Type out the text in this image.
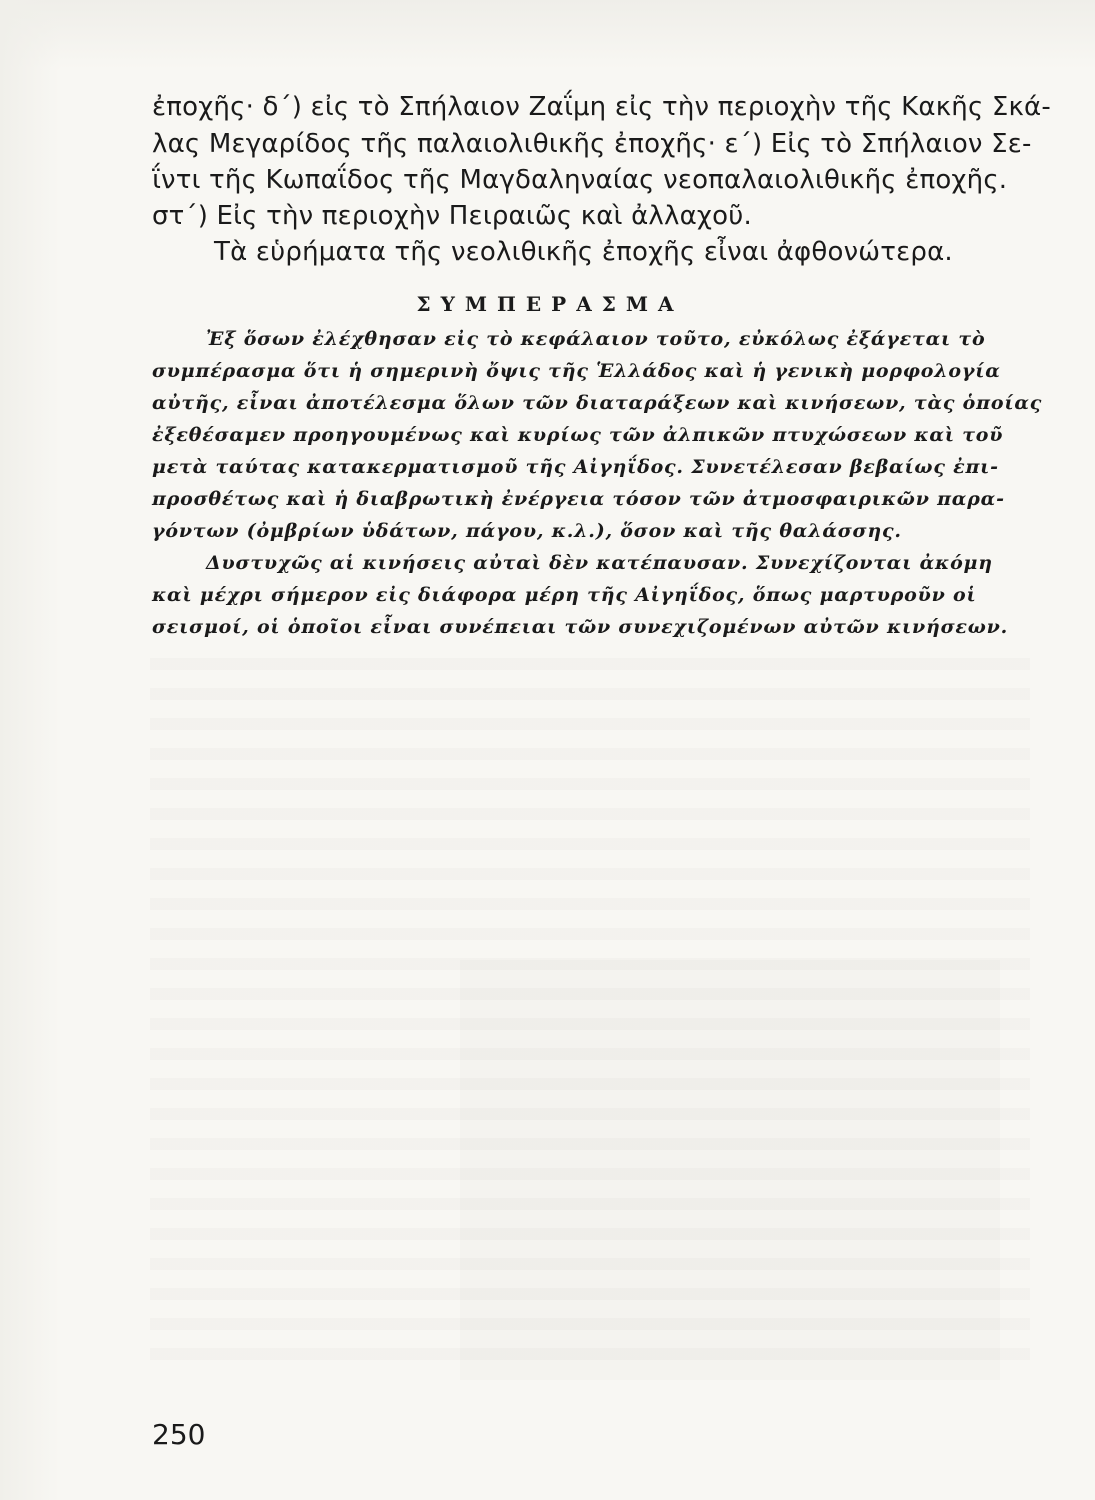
ἐποχῆς· δ΄) εἰς τὸ Σπήλαιον Ζαΐμη εἰς τὴν περιοχὴν τῆς Κακῆς Σκά-
λας Μεγαρίδος τῆς παλαιολιθικῆς ἐποχῆς· ε΄) Εἰς τὸ Σπήλαιον Σε-
ΐντι τῆς Κωπαΐδος τῆς Μαγδαληναίας νεοπαλαιολιθικῆς ἐποχῆς.
στ΄) Εἰς τὴν περιοχὴν Πειραιῶς καὶ ἀλλαχοῦ.
Τὰ εὑρήματα τῆς νεολιθικῆς ἐποχῆς εἶναι ἀφθονώτερα.
ΣΥΜΠΕΡΑΣΜΑ
Ἐξ ὅσων ἐλέχθησαν εἰς τὸ κεφάλαιον τοῦτο, εὐκόλως ἐξάγεται τὸ
συμπέρασμα ὅτι ἡ σημερινὴ ὄψις τῆς Ἑλλάδος καὶ ἡ γενικὴ μορφολογία
αὐτῆς, εἶναι ἀποτέλεσμα ὅλων τῶν διαταράξεων καὶ κινήσεων, τὰς ὁποίας
ἐξεθέσαμεν προηγουμένως καὶ κυρίως τῶν ἀλπικῶν πτυχώσεων καὶ τοῦ
μετὰ ταύτας κατακερματισμοῦ τῆς Αἰγηΐδος. Συνετέλεσαν βεβαίως ἐπι-
προσθέτως καὶ ἡ διαβρωτικὴ ἐνέργεια τόσον τῶν ἀτμοσφαιρικῶν παρα-
γόντων (ὀμβρίων ὑδάτων, πάγου, κ.λ.), ὅσον καὶ τῆς θαλάσσης.
Δυστυχῶς αἱ κινήσεις αὐταὶ δὲν κατέπαυσαν. Συνεχίζονται ἀκόμη
καὶ μέχρι σήμερον εἰς διάφορα μέρη τῆς Αἰγηΐδος, ὅπως μαρτυροῦν οἱ
σεισμοί, οἱ ὁποῖοι εἶναι συνέπειαι τῶν συνεχιζομένων αὐτῶν κινήσεων.
250
